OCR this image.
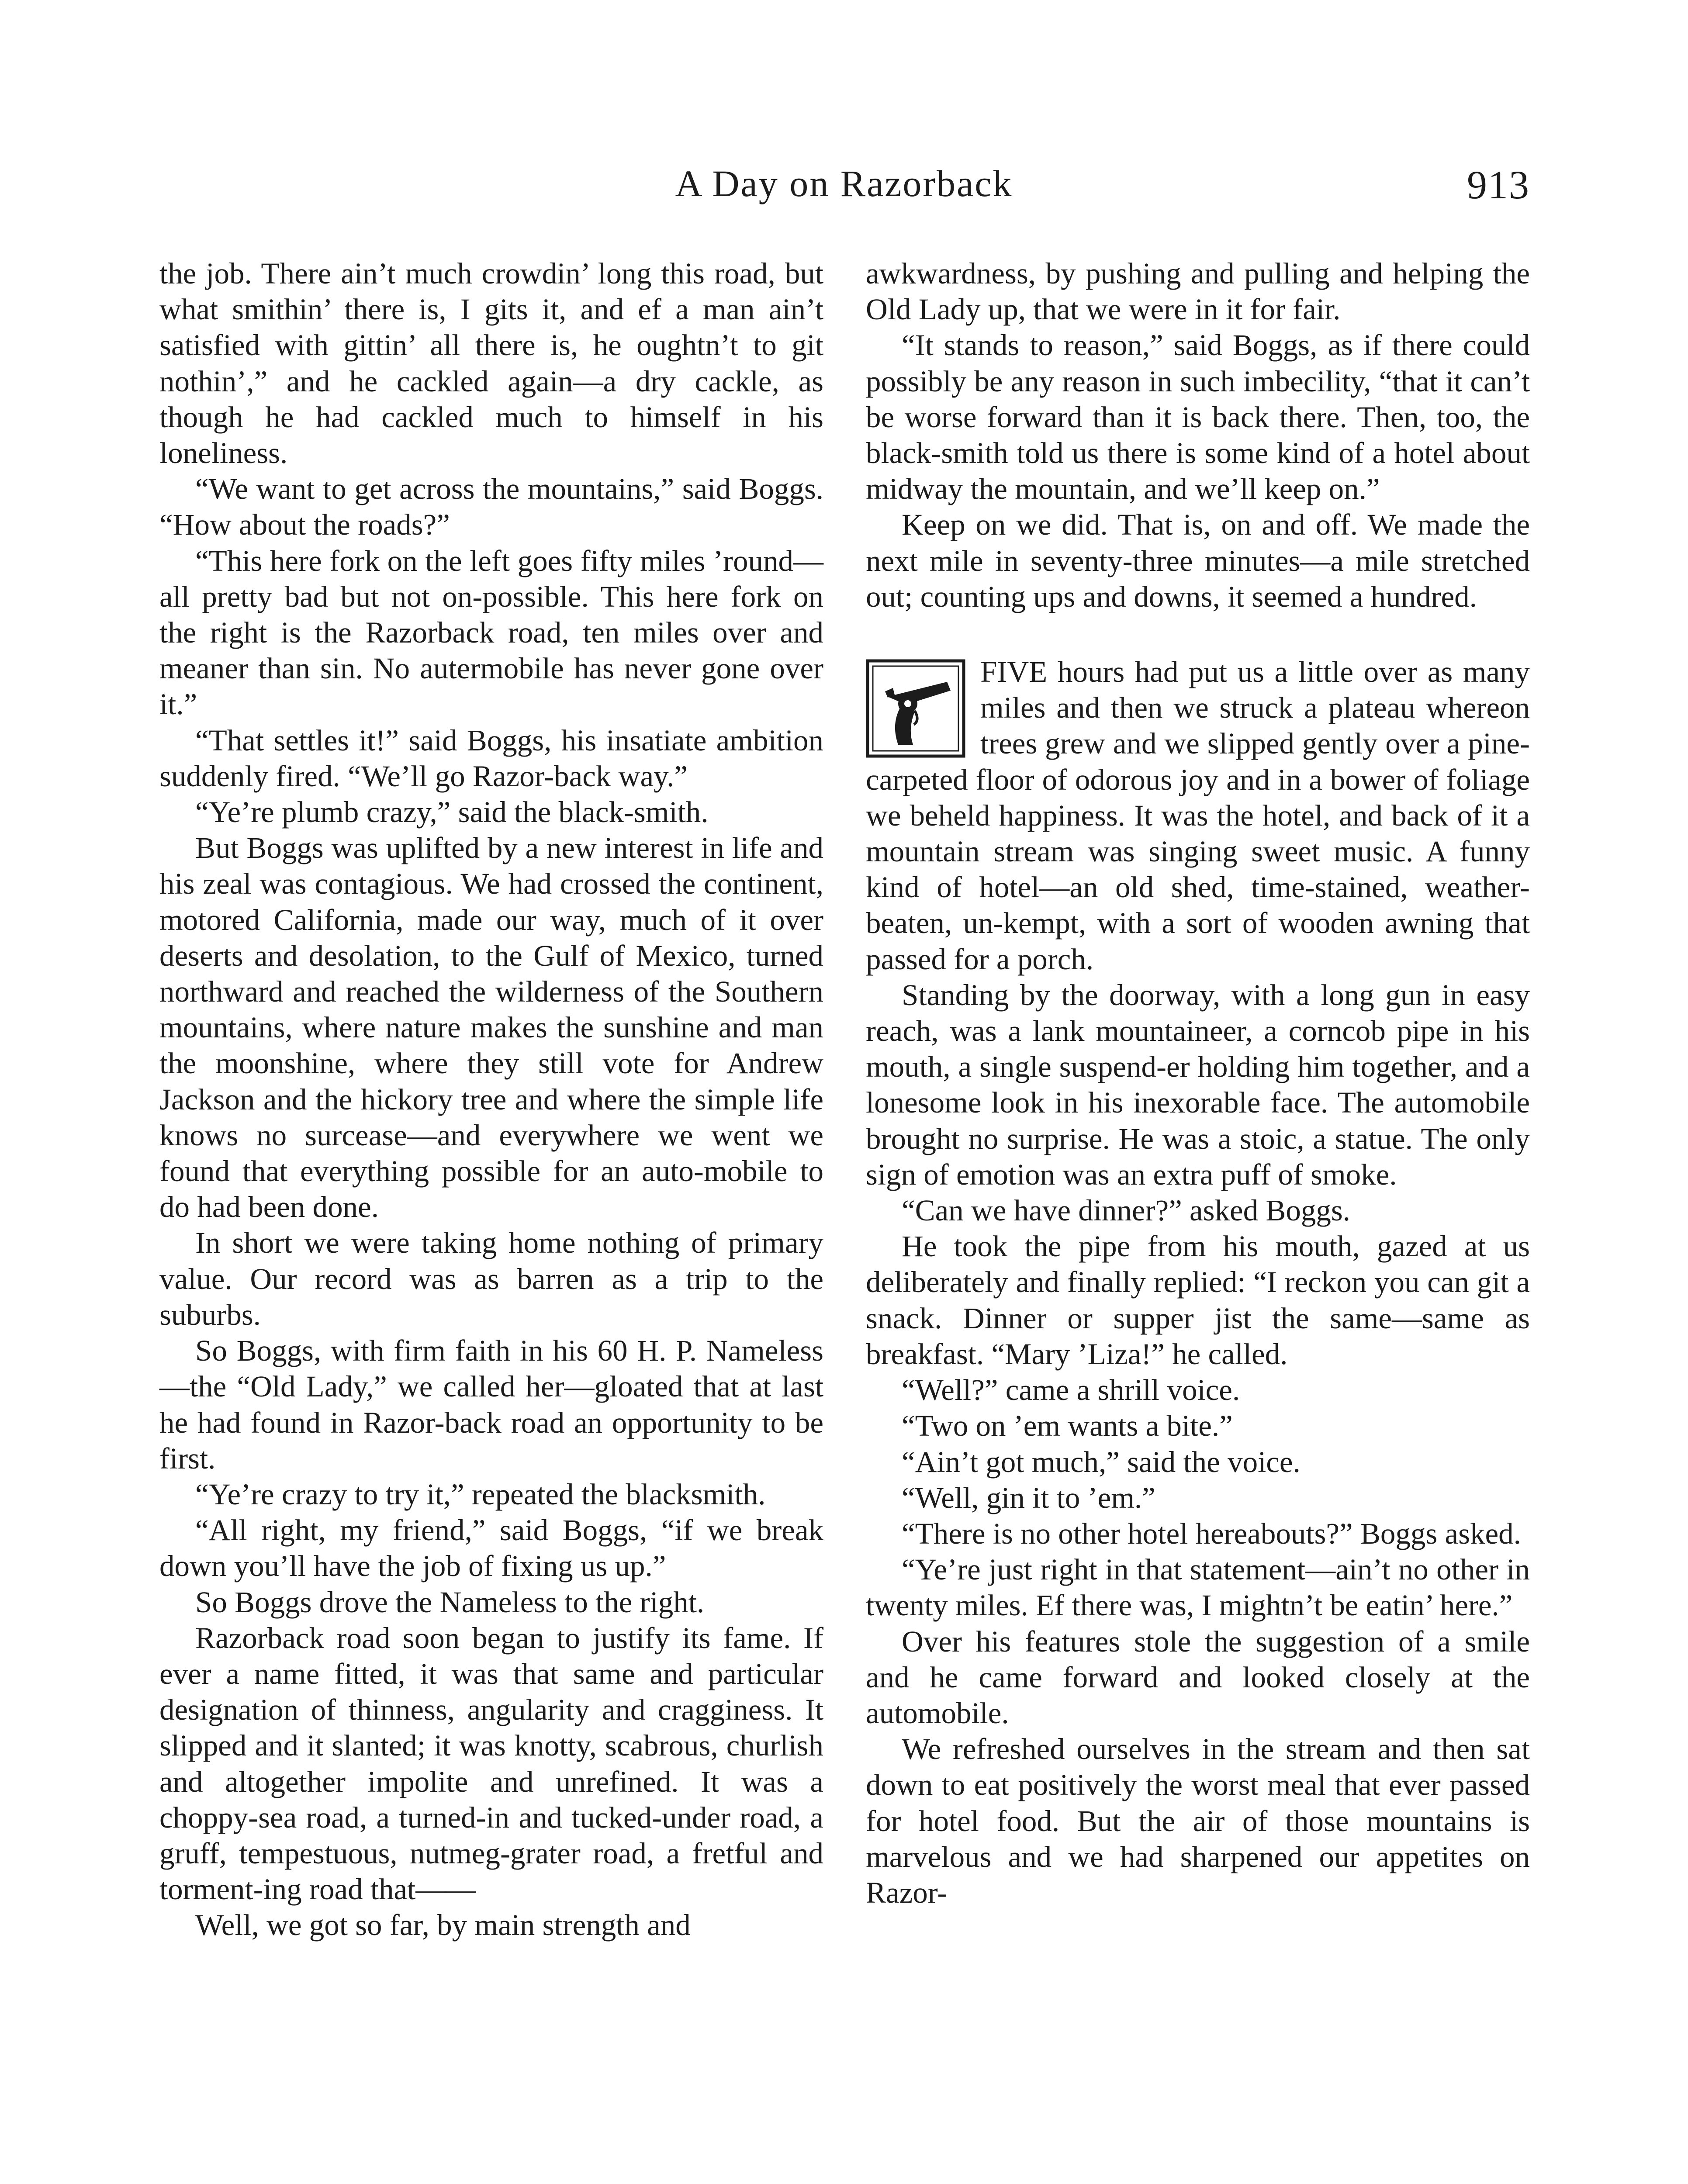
A Day on Razorback	913

the job. There ain’t much crowdin’ long this road, but what smithin’ there is, I gits it, and ef a man ain’t satisfied with gittin’ all there is, he oughtn’t to git nothin’,” and he cackled again—a dry cackle, as though he had cackled much to himself in his loneliness.

“We want to get across the mountains,” said Boggs. “How about the roads?”

“This here fork on the left goes fifty miles ’round—all pretty bad but not on-possible. This here fork on the right is the Razorback road, ten miles over and meaner than sin. No autermobile has never gone over it.”

“That settles it!” said Boggs, his insatiate ambition suddenly fired. “We’ll go Razor-back way.”

“Ye’re plumb crazy,” said the black-smith.

But Boggs was uplifted by a new interest in life and his zeal was contagious. We had crossed the continent, motored California, made our way, much of it over deserts and desolation, to the Gulf of Mexico, turned northward and reached the wilderness of the Southern mountains, where nature makes the sunshine and man the moonshine, where they still vote for Andrew Jackson and the hickory tree and where the simple life knows no surcease—and everywhere we went we found that everything possible for an auto-mobile to do had been done.

In short we were taking home nothing of primary value. Our record was as barren as a trip to the suburbs.

So Boggs, with firm faith in his 60 H. P. Nameless—the “Old Lady,” we called her—gloated that at last he had found in Razor-back road an opportunity to be first.

“Ye’re crazy to try it,” repeated the blacksmith.

“All right, my friend,” said Boggs, “if we break down you’ll have the job of fixing us up.”

So Boggs drove the Nameless to the right.

Razorback road soon began to justify its fame. If ever a name fitted, it was that same and particular designation of thinness, angularity and cragginess. It slipped and it slanted; it was knotty, scabrous, churlish and altogether impolite and unrefined. It was a choppy-sea road, a turned-in and tucked-under road, a gruff, tempestuous, nutmeg-grater road, a fretful and torment-ing road that——

Well, we got so far, by main strength and

awkwardness, by pushing and pulling and helping the Old Lady up, that we were in it for fair.

“It stands to reason,” said Boggs, as if there could possibly be any reason in such imbecility, “that it can’t be worse forward than it is back there. Then, too, the black-smith told us there is some kind of a hotel about midway the mountain, and we’ll keep on.”

Keep on we did. That is, on and off. We made the next mile in seventy-three minutes—a mile stretched out; counting ups and downs, it seemed a hundred.

FIVE hours had put us a little over as many miles and then we struck a plateau whereon trees grew and we slipped gently over a pine-carpeted floor of odorous joy and in a bower of foliage we beheld happiness. It was the hotel, and back of it a mountain stream was singing sweet music. A funny kind of hotel—an old shed, time-stained, weather-beaten, un-kempt, with a sort of wooden awning that passed for a porch.

Standing by the doorway, with a long gun in easy reach, was a lank mountaineer, a corncob pipe in his mouth, a single suspend-er holding him together, and a lonesome look in his inexorable face. The automobile brought no surprise. He was a stoic, a statue. The only sign of emotion was an extra puff of smoke.

“Can we have dinner?” asked Boggs.

He took the pipe from his mouth, gazed at us deliberately and finally replied: “I reckon you can git a snack. Dinner or supper jist the same—same as breakfast. “Mary ’Liza!” he called.

“Well?” came a shrill voice.

“Two on ’em wants a bite.”

“Ain’t got much,” said the voice.

“Well, gin it to ’em.”

“There is no other hotel hereabouts?” Boggs asked.

“Ye’re just right in that statement—ain’t no other in twenty miles. Ef there was, I mightn’t be eatin’ here.”

Over his features stole the suggestion of a smile and he came forward and looked closely at the automobile.

We refreshed ourselves in the stream and then sat down to eat positively the worst meal that ever passed for hotel food. But the air of those mountains is marvelous and we had sharpened our appetites on Razor-
